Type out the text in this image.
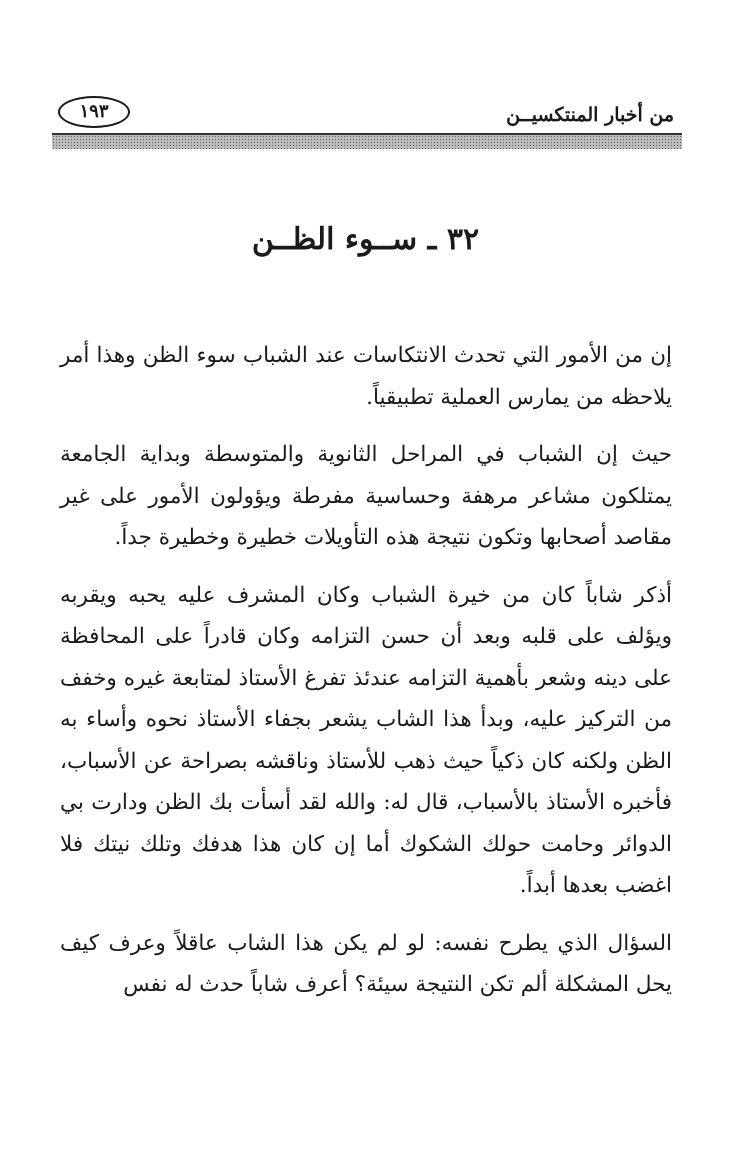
من أخبار المنتكسيــن
١٩٣
٣٢ ـ ســوء الظــن

إن من الأمور التي تحدث الانتكاسات عند الشباب سوء الظن وهذا أمر يلاحظه من يمارس العملية تطبيقياً.

حيث إن الشباب في المراحل الثانوية والمتوسطة وبداية الجامعة يمتلكون مشاعر مرهفة وحساسية مفرطة ويؤولون الأمور على غير مقاصد أصحابها وتكون نتيجة هذه التأويلات خطيرة وخطيرة جداً.

أذكر شاباً كان من خيرة الشباب وكان المشرف عليه يحبه ويقربه ويؤلف على قلبه وبعد أن حسن التزامه وكان قادراً على المحافظة على دينه وشعر بأهمية التزامه عندئذ تفرغ الأستاذ لمتابعة غيره وخفف من التركيز عليه، وبدأ هذا الشاب يشعر بجفاء الأستاذ نحوه وأساء به الظن ولكنه كان ذكياً حيث ذهب للأستاذ وناقشه بصراحة عن الأسباب، فأخبره الأستاذ بالأسباب، قال له: والله لقد أسأت بك الظن ودارت بي الدوائر وحامت حولك الشكوك أما إن كان هذا هدفك وتلك نيتك فلا اغضب بعدها أبداً.

السؤال الذي يطرح نفسه: لو لم يكن هذا الشاب عاقلاً وعرف كيف يحل المشكلة ألم تكن النتيجة سيئة؟ أعرف شاباً حدث له نفس
